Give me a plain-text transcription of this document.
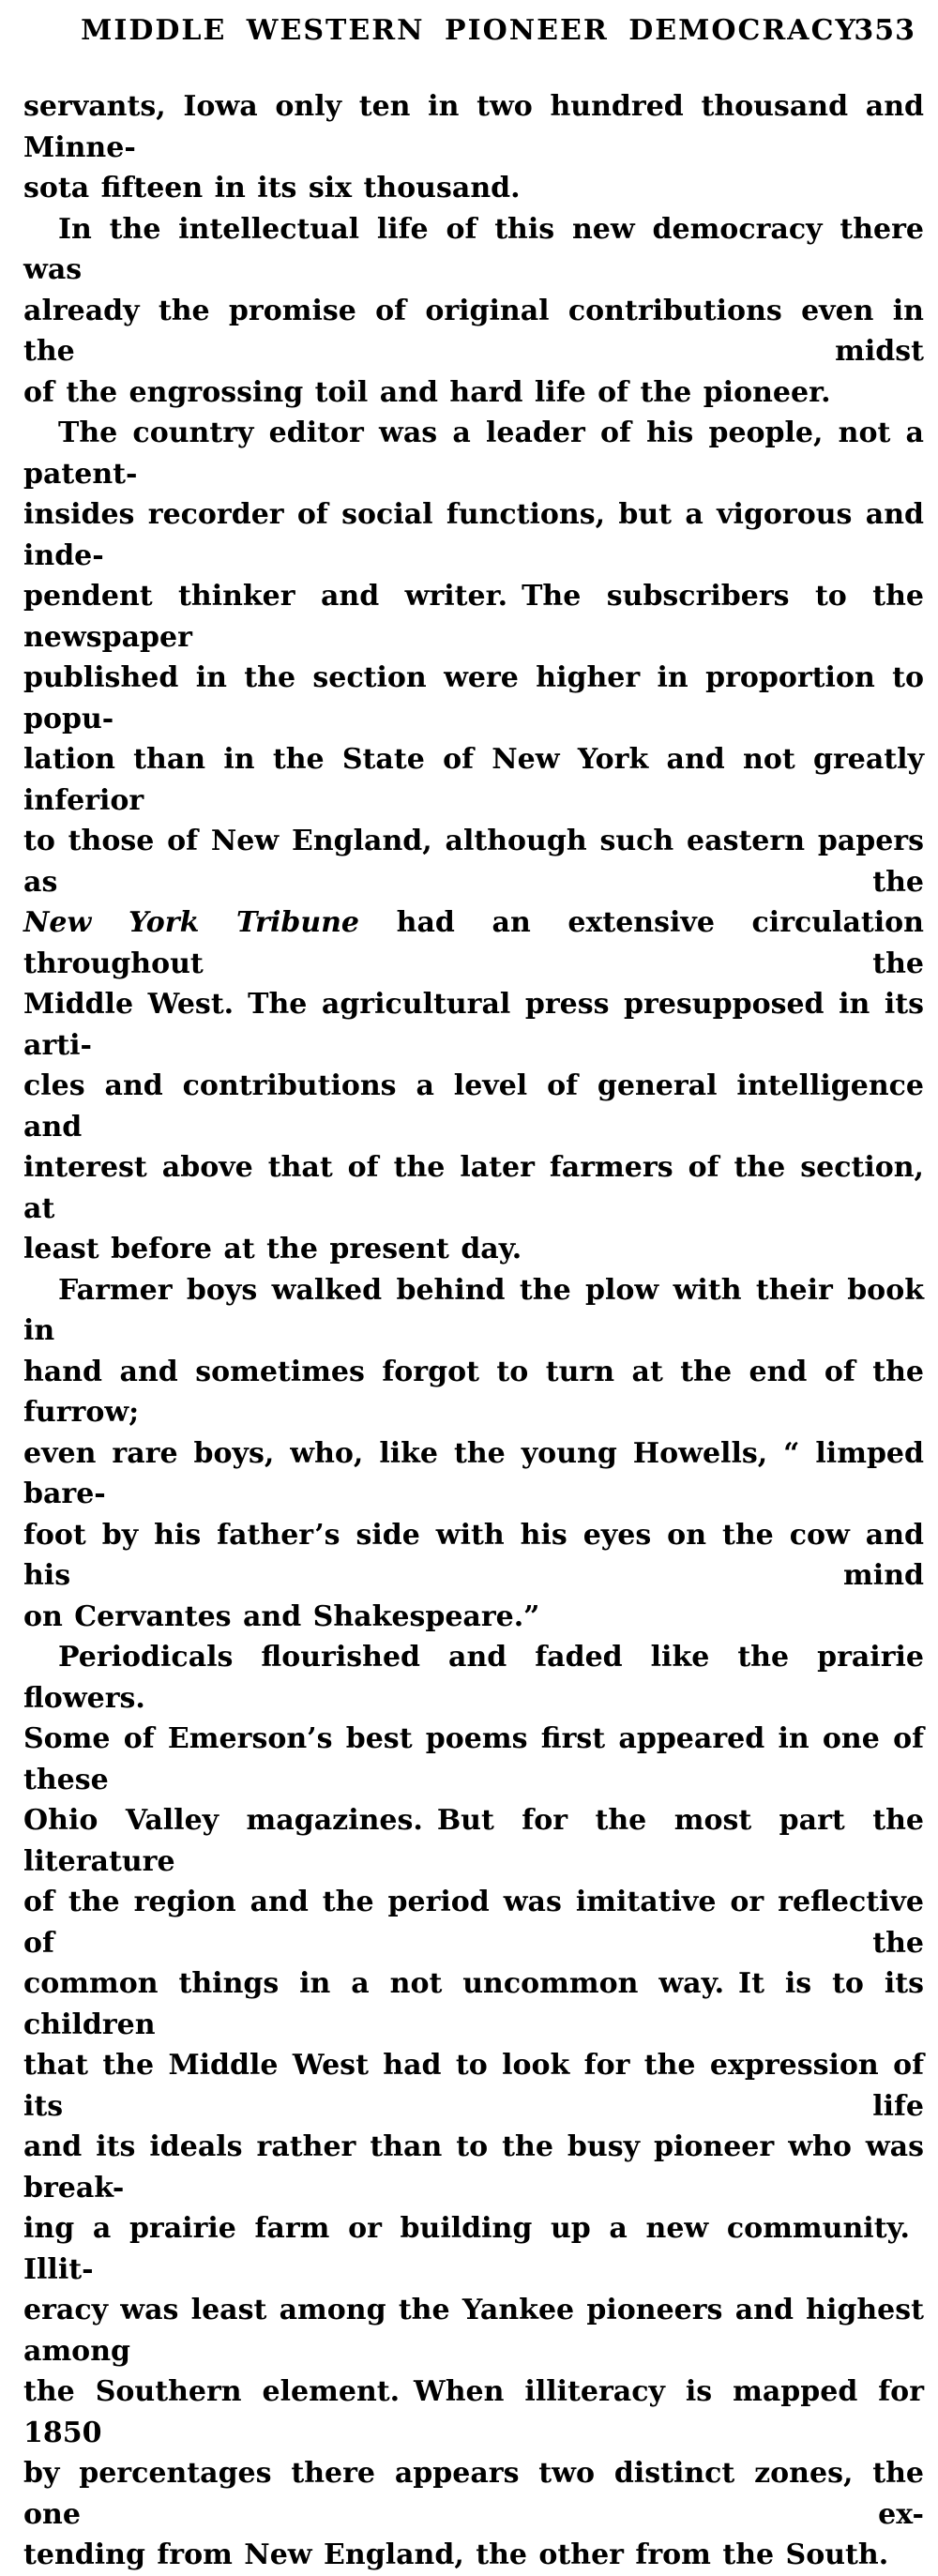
MIDDLE WESTERN PIONEER DEMOCRACY
353
servants, Iowa only ten in two hundred thousand and Minne-
sota fifteen in its six thousand.
In the intellectual life of this new democracy there was
already the promise of original contributions even in the midst
of the engrossing toil and hard life of the pioneer.
The country editor was a leader of his people, not a patent-
insides recorder of social functions, but a vigorous and inde-
pendent thinker and writer. The subscribers to the newspaper
published in the section were higher in proportion to popu-
lation than in the State of New York and not greatly inferior
to those of New England, although such eastern papers as the
New York Tribune had an extensive circulation throughout the
Middle West. The agricultural press presupposed in its arti-
cles and contributions a level of general intelligence and
interest above that of the later farmers of the section, at
least before at the present day.
Farmer boys walked behind the plow with their book in
hand and sometimes forgot to turn at the end of the furrow;
even rare boys, who, like the young Howells, “ limped bare-
foot by his father’s side with his eyes on the cow and his mind
on Cervantes and Shakespeare.”
Periodicals flourished and faded like the prairie flowers.
Some of Emerson’s best poems first appeared in one of these
Ohio Valley magazines. But for the most part the literature
of the region and the period was imitative or reflective of the
common things in a not uncommon way. It is to its children
that the Middle West had to look for the expression of its life
and its ideals rather than to the busy pioneer who was break-
ing a prairie farm or building up a new community. Illit-
eracy was least among the Yankee pioneers and highest among
the Southern element. When illiteracy is mapped for 1850
by percentages there appears two distinct zones, the one ex-
tending from New England, the other from the South.
